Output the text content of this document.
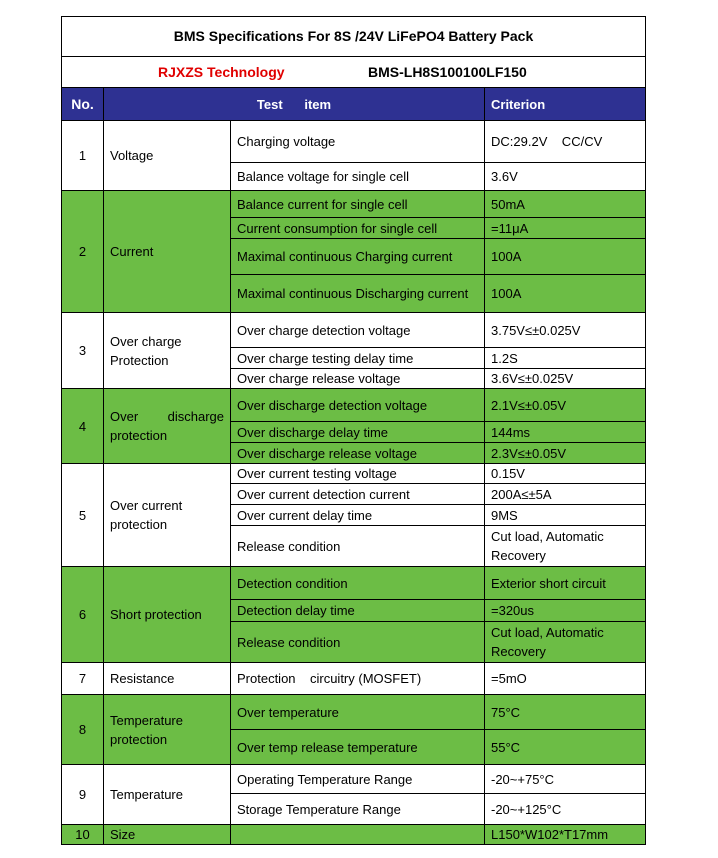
BMS Specifications For 8S /24V LiFePO4 Battery Pack			
RJXZS Technology BMS-LH8S100100LF150			
No.	Test      item		Criterion
1	Voltage	Charging voltage	DC:29.2V    CC/CV
		Balance voltage for single cell	3.6V
2	Current	Balance current for single cell	50mA
		Current consumption for single cell	=11μA
		Maximal continuous Charging current	100A
		Maximal continuous Discharging current	100A
3	Over charge Protection	Over charge detection voltage	3.75V≤±0.025V
		Over charge testing delay time	1.2S
		Over charge release voltage	3.6V≤±0.025V
4	Over discharge protection	Over discharge detection voltage	2.1V≤±0.05V
		Over discharge delay time	144ms
		Over discharge release voltage	2.3V≤±0.05V
5	Over current protection	Over current testing voltage	0.15V
		Over current detection current	200A≤±5A
		Over current delay time	9MS
		Release condition	Cut load, Automatic Recovery
6	Short protection	Detection condition	Exterior short circuit
		Detection delay time	=320us
		Release condition	Cut load, Automatic Recovery
7	Resistance	Protection    circuitry (MOSFET)	=5mO
8	Temperature protection	Over temperature	75°C
		Over temp release temperature	55°C
9	Temperature	Operating Temperature Range	-20~+75°C
		Storage Temperature Range	-20~+125°C
10	Size		L150*W102*T17mm
